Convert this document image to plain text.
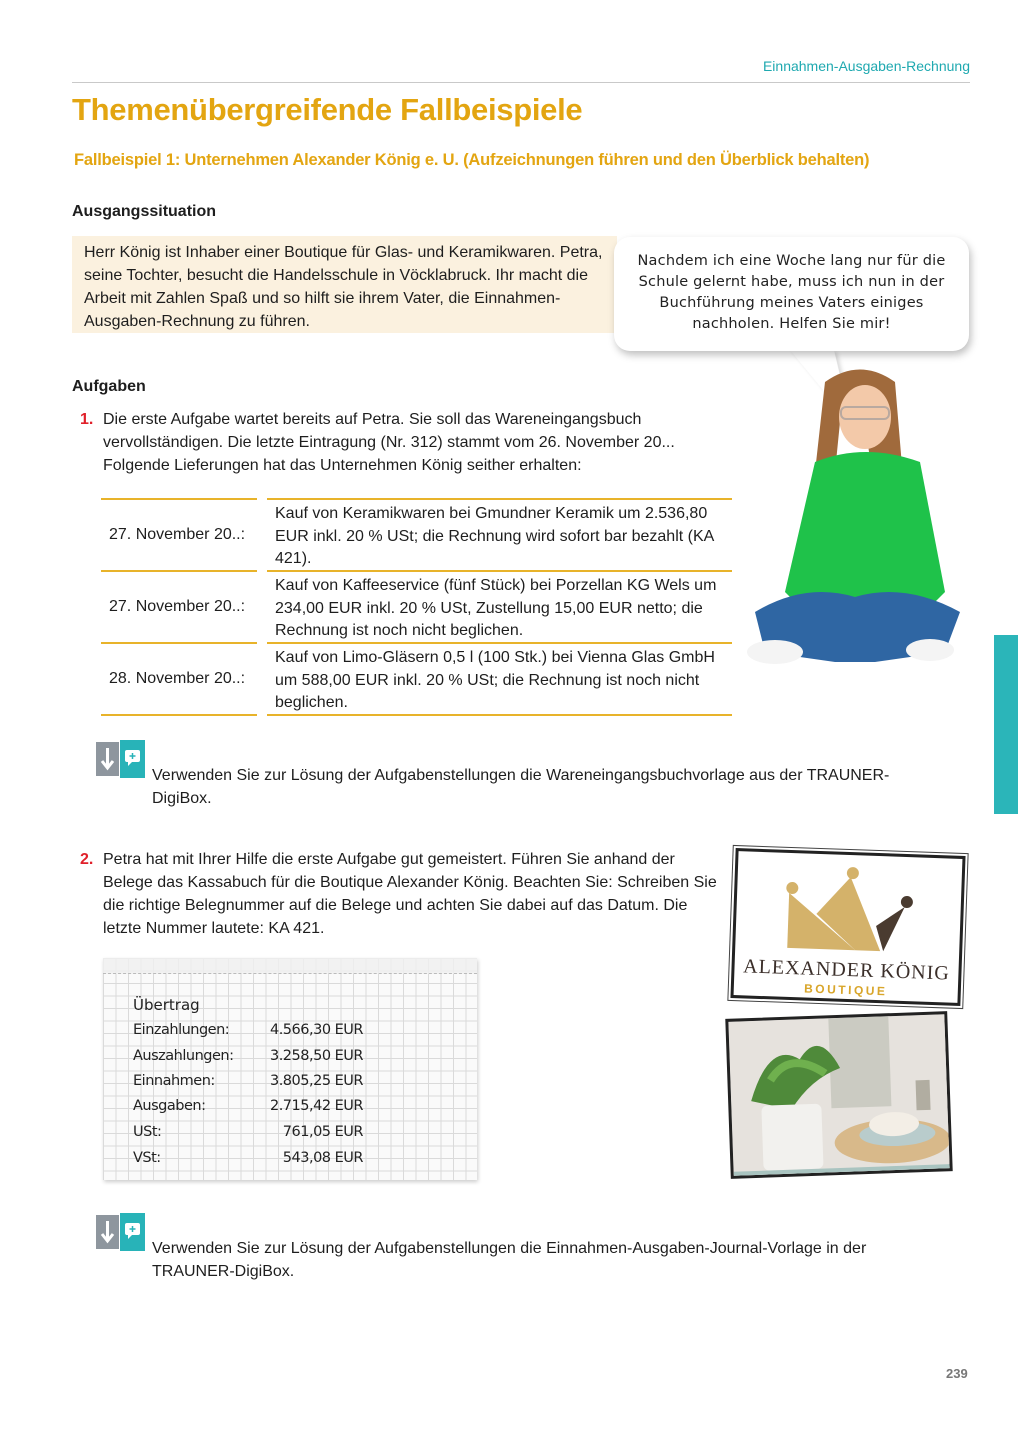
Einnahmen-Ausgaben-Rechnung
Themenübergreifende Fallbeispiele
Fallbeispiel 1: Unternehmen Alexander König e. U. (Aufzeichnungen führen und den Überblick behalten)
Ausgangssituation

Herr König ist Inhaber einer Boutique für Glas- und Keramikwaren. Petra, seine Tochter, besucht die Handelsschule in Vöcklabruck. Ihr macht die Arbeit mit Zahlen Spaß und so hilft sie ihrem Vater, die Einnahmen-Ausgaben-Rechnung zu führen.

Nachdem ich eine Woche lang nur für die Schule gelernt habe, muss ich nun in der Buchführung meines Vaters einiges nachholen. Helfen Sie mir!

Aufgaben
1. Die erste Aufgabe wartet bereits auf Petra. Sie soll das Wareneingangsbuch vervollständigen. Die letzte Eintragung (Nr. 312) stammt vom 26. November 20... Folgende Lieferungen hat das Unternehmen König seither erhalten:
27. November 20..:
Kauf von Keramikwaren bei Gmundner Keramik um 2.536,80 EUR inkl. 20 % USt; die Rechnung wird sofort bar bezahlt (KA 421).
27. November 20..:
Kauf von Kaffeeservice (fünf Stück) bei Porzellan KG Wels um 234,00 EUR inkl. 20 % USt, Zustellung 15,00 EUR netto; die Rechnung ist noch nicht beglichen.
28. November 20..:
Kauf von Limo-Gläsern 0,5 l (100 Stk.) bei Vienna Glas GmbH um 588,00 EUR inkl. 20 % USt; die Rechnung ist noch nicht beglichen.
Verwenden Sie zur Lösung der Aufgabenstellungen die Wareneingangsbuchvorlage aus der TRAUNER- DigiBox.
2. Petra hat mit Ihrer Hilfe die erste Aufgabe gut gemeistert. Führen Sie anhand der Belege das Kassabuch für die Boutique Alexander König. Beachten Sie: Schreiben Sie die richtige Belegnummer auf die Belege und achten Sie dabei auf das Datum. Die letzte Nummer lautete: KA 421.
Übertrag
Einzahlungen:	4.566,30 EUR
Auszahlungen:	3.258,50 EUR
Einnahmen:	3.805,25 EUR
Ausgaben:	2.715,42 EUR
USt:	761,05 EUR
VSt:	543,08 EUR
ALEXANDER KÖNIG
BOUTIQUE
Verwenden Sie zur Lösung der Aufgabenstellungen die Einnahmen-Ausgaben-Journal-Vorlage in der TRAUNER-DigiBox.
239
